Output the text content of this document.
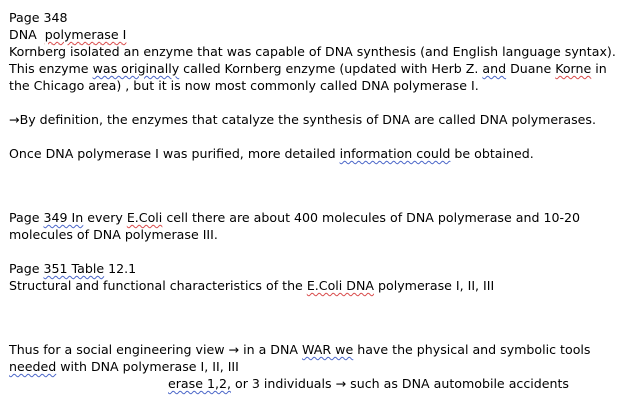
Page 348
DNA polymerase I
Kornberg isolated an enzyme that was capable of DNA synthesis (and English language syntax).
This enzyme was originally called Kornberg enzyme (updated with Herb Z. and Duane Korne in
the Chicago area) , but it is now most commonly called DNA polymerase I.
→By definition, the enzymes that catalyze the synthesis of DNA are called DNA polymerases.
Once DNA polymerase I was purified, more detailed information could be obtained.
Page 349 In every E.Coli cell there are about 400 molecules of DNA polymerase and 10-20
molecules of DNA polymerase III.
Page 351 Table 12.1
Structural and functional characteristics of the E.Coli DNA polymerase I, II, III
Thus for a social engineering view → in a DNA WAR we have the physical and symbolic tools
needed with DNA polymerase I, II, III
erase 1,2, or 3 individuals → such as DNA automobile accidents
